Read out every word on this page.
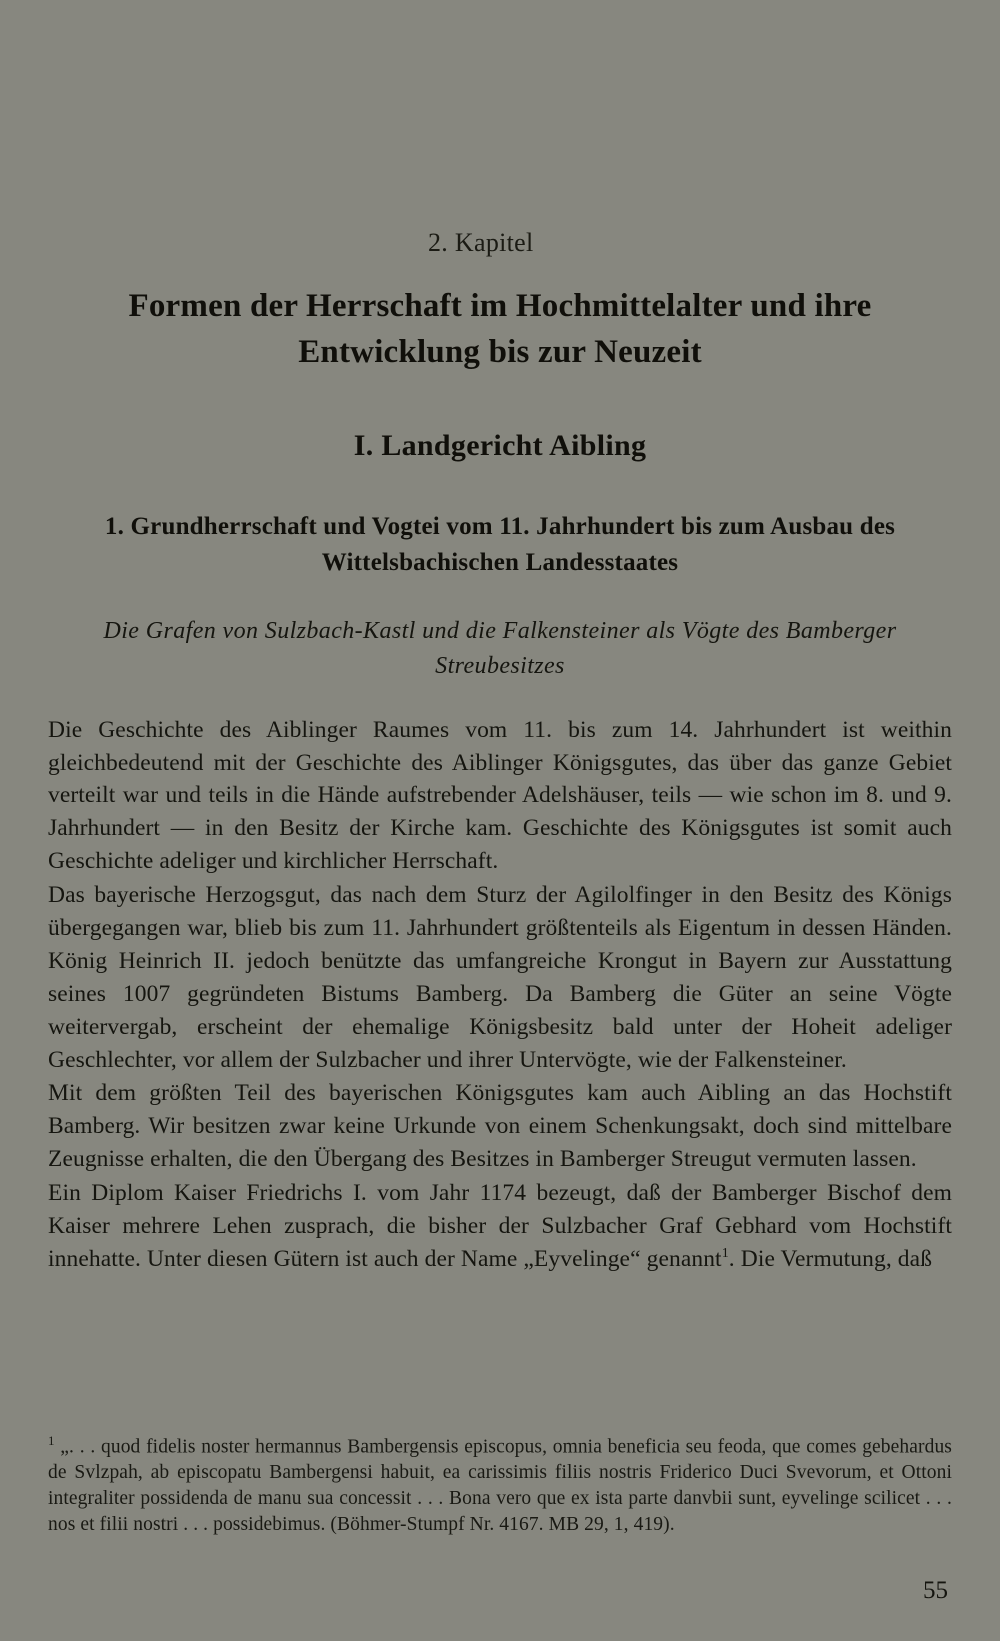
2. Kapitel
Formen der Herrschaft im Hochmittelalter und ihre Entwicklung bis zur Neuzeit
I. Landgericht Aibling
1. Grundherrschaft und Vogtei vom 11. Jahrhundert bis zum Ausbau des Wittelsbachischen Landesstaates
Die Grafen von Sulzbach-Kastl und die Falkensteiner als Vögte des Bamberger Streubesitzes

Die Geschichte des Aiblinger Raumes vom 11. bis zum 14. Jahrhundert ist weithin gleichbedeutend mit der Geschichte des Aiblinger Königsgutes, das über das ganze Gebiet verteilt war und teils in die Hände aufstrebender Adelshäuser, teils — wie schon im 8. und 9. Jahrhundert — in den Besitz der Kirche kam. Geschichte des Königsgutes ist somit auch Geschichte adeliger und kirchlicher Herrschaft.

Das bayerische Herzogsgut, das nach dem Sturz der Agilolfinger in den Besitz des Königs übergegangen war, blieb bis zum 11. Jahrhundert größtenteils als Eigentum in dessen Händen. König Heinrich II. jedoch benützte das umfangreiche Krongut in Bayern zur Ausstattung seines 1007 gegründeten Bistums Bamberg. Da Bamberg die Güter an seine Vögte weitervergab, erscheint der ehemalige Königsbesitz bald unter der Hoheit adeliger Geschlechter, vor allem der Sulzbacher und ihrer Untervögte, wie der Falkensteiner.

Mit dem größten Teil des bayerischen Königsgutes kam auch Aibling an das Hochstift Bamberg. Wir besitzen zwar keine Urkunde von einem Schenkungsakt, doch sind mittelbare Zeugnisse erhalten, die den Übergang des Besitzes in Bamberger Streugut vermuten lassen.

Ein Diplom Kaiser Friedrichs I. vom Jahr 1174 bezeugt, daß der Bamberger Bischof dem Kaiser mehrere Lehen zusprach, die bisher der Sulzbacher Graf Gebhard vom Hochstift innehatte. Unter diesen Gütern ist auch der Name „Eyvelinge“ genannt$^1$. Die Vermutung, daß

$^1$ „. . . quod fidelis noster hermannus Bambergensis episcopus, omnia beneficia seu feoda, que comes gebehardus de Svlzpah, ab episcopatu Bambergensi habuit, ea carissimis filiis nostris Friderico Duci Svevorum, et Ottoni integraliter possidenda de manu sua concessit . . . Bona vero que ex ista parte danvbii sunt, eyvelinge scilicet . . . nos et filii nostri . . . possidebimus. (Böhmer-Stumpf Nr. 4167. MB 29, 1, 419).
55
